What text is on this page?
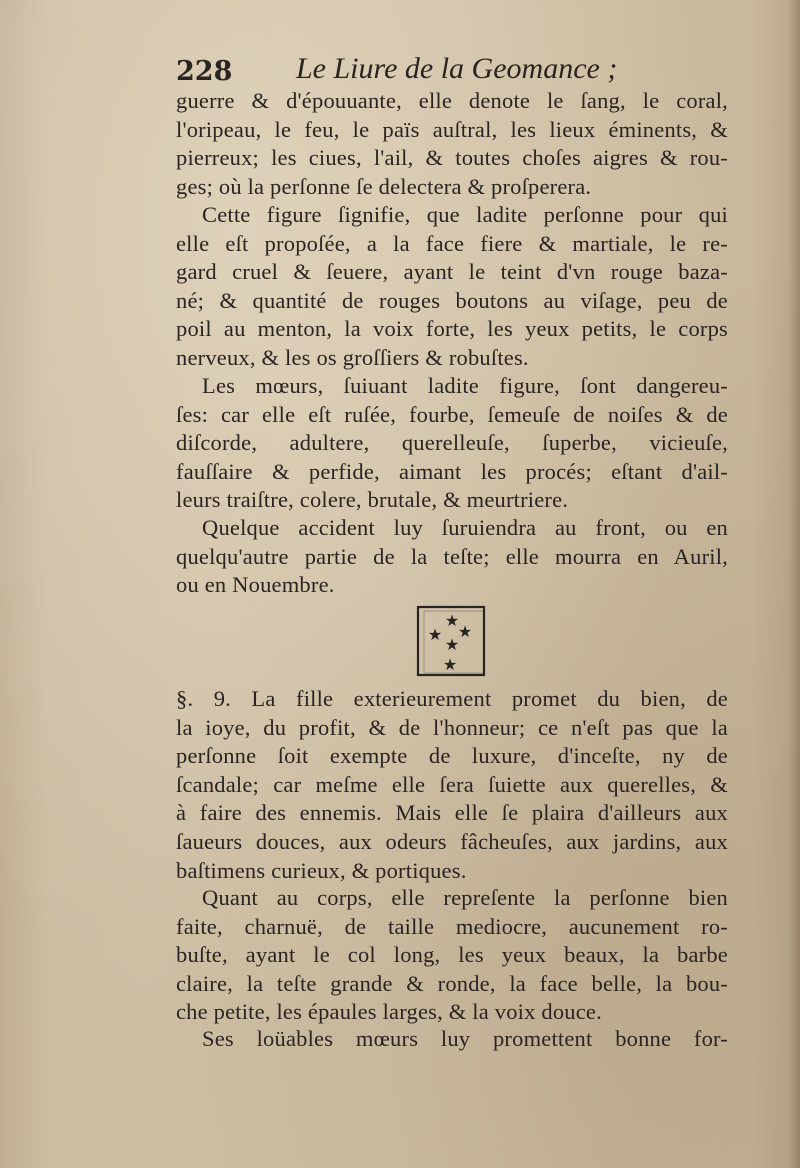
228 Le Liure de la Geomance ;
guerre & d'épouuante, elle denote le ſang, le coral,
l'oripeau, le feu, le païs auſtral, les lieux éminents, &
pierreux; les ciues, l'ail, & toutes choſes aigres & rou-
ges; où la perſonne ſe delectera & proſperera.
Cette figure ſignifie, que ladite perſonne pour qui
elle eſt propoſée, a la face fiere & martiale, le re-
gard cruel & ſeuere, ayant le teint d'vn rouge baza-
né; & quantité de rouges boutons au viſage, peu de
poil au menton, la voix forte, les yeux petits, le corps
nerveux, & les os groſſiers & robuſtes.
Les mœurs, ſuiuant ladite figure, ſont dangereu-
ſes: car elle eſt ruſée, fourbe, ſemeuſe de noiſes & de
diſcorde, adultere, querelleuſe, ſuperbe, vicieuſe,
fauſſaire & perfide, aimant les procés; eſtant d'ail-
leurs traiſtre, colere, brutale, & meurtriere.
Quelque accident luy ſuruiendra au front, ou en
quelqu'autre partie de la teſte; elle mourra en Auril,
ou en Nouembre.
★
★ ★
★
★
§. 9. La fille exterieurement promet du bien, de
la ioye, du profit, & de l'honneur; ce n'eſt pas que la
perſonne ſoit exempte de luxure, d'inceſte, ny de
ſcandale; car meſme elle ſera ſuiette aux querelles, &
à faire des ennemis. Mais elle ſe plaira d'ailleurs aux
ſaueurs douces, aux odeurs fâcheuſes, aux jardins, aux
baſtimens curieux, & portiques.
Quant au corps, elle repreſente la perſonne bien
faite, charnuë, de taille mediocre, aucunement ro-
buſte, ayant le col long, les yeux beaux, la barbe
claire, la teſte grande & ronde, la face belle, la bou-
che petite, les épaules larges, & la voix douce.
Ses loüables mœurs luy promettent bonne for-
